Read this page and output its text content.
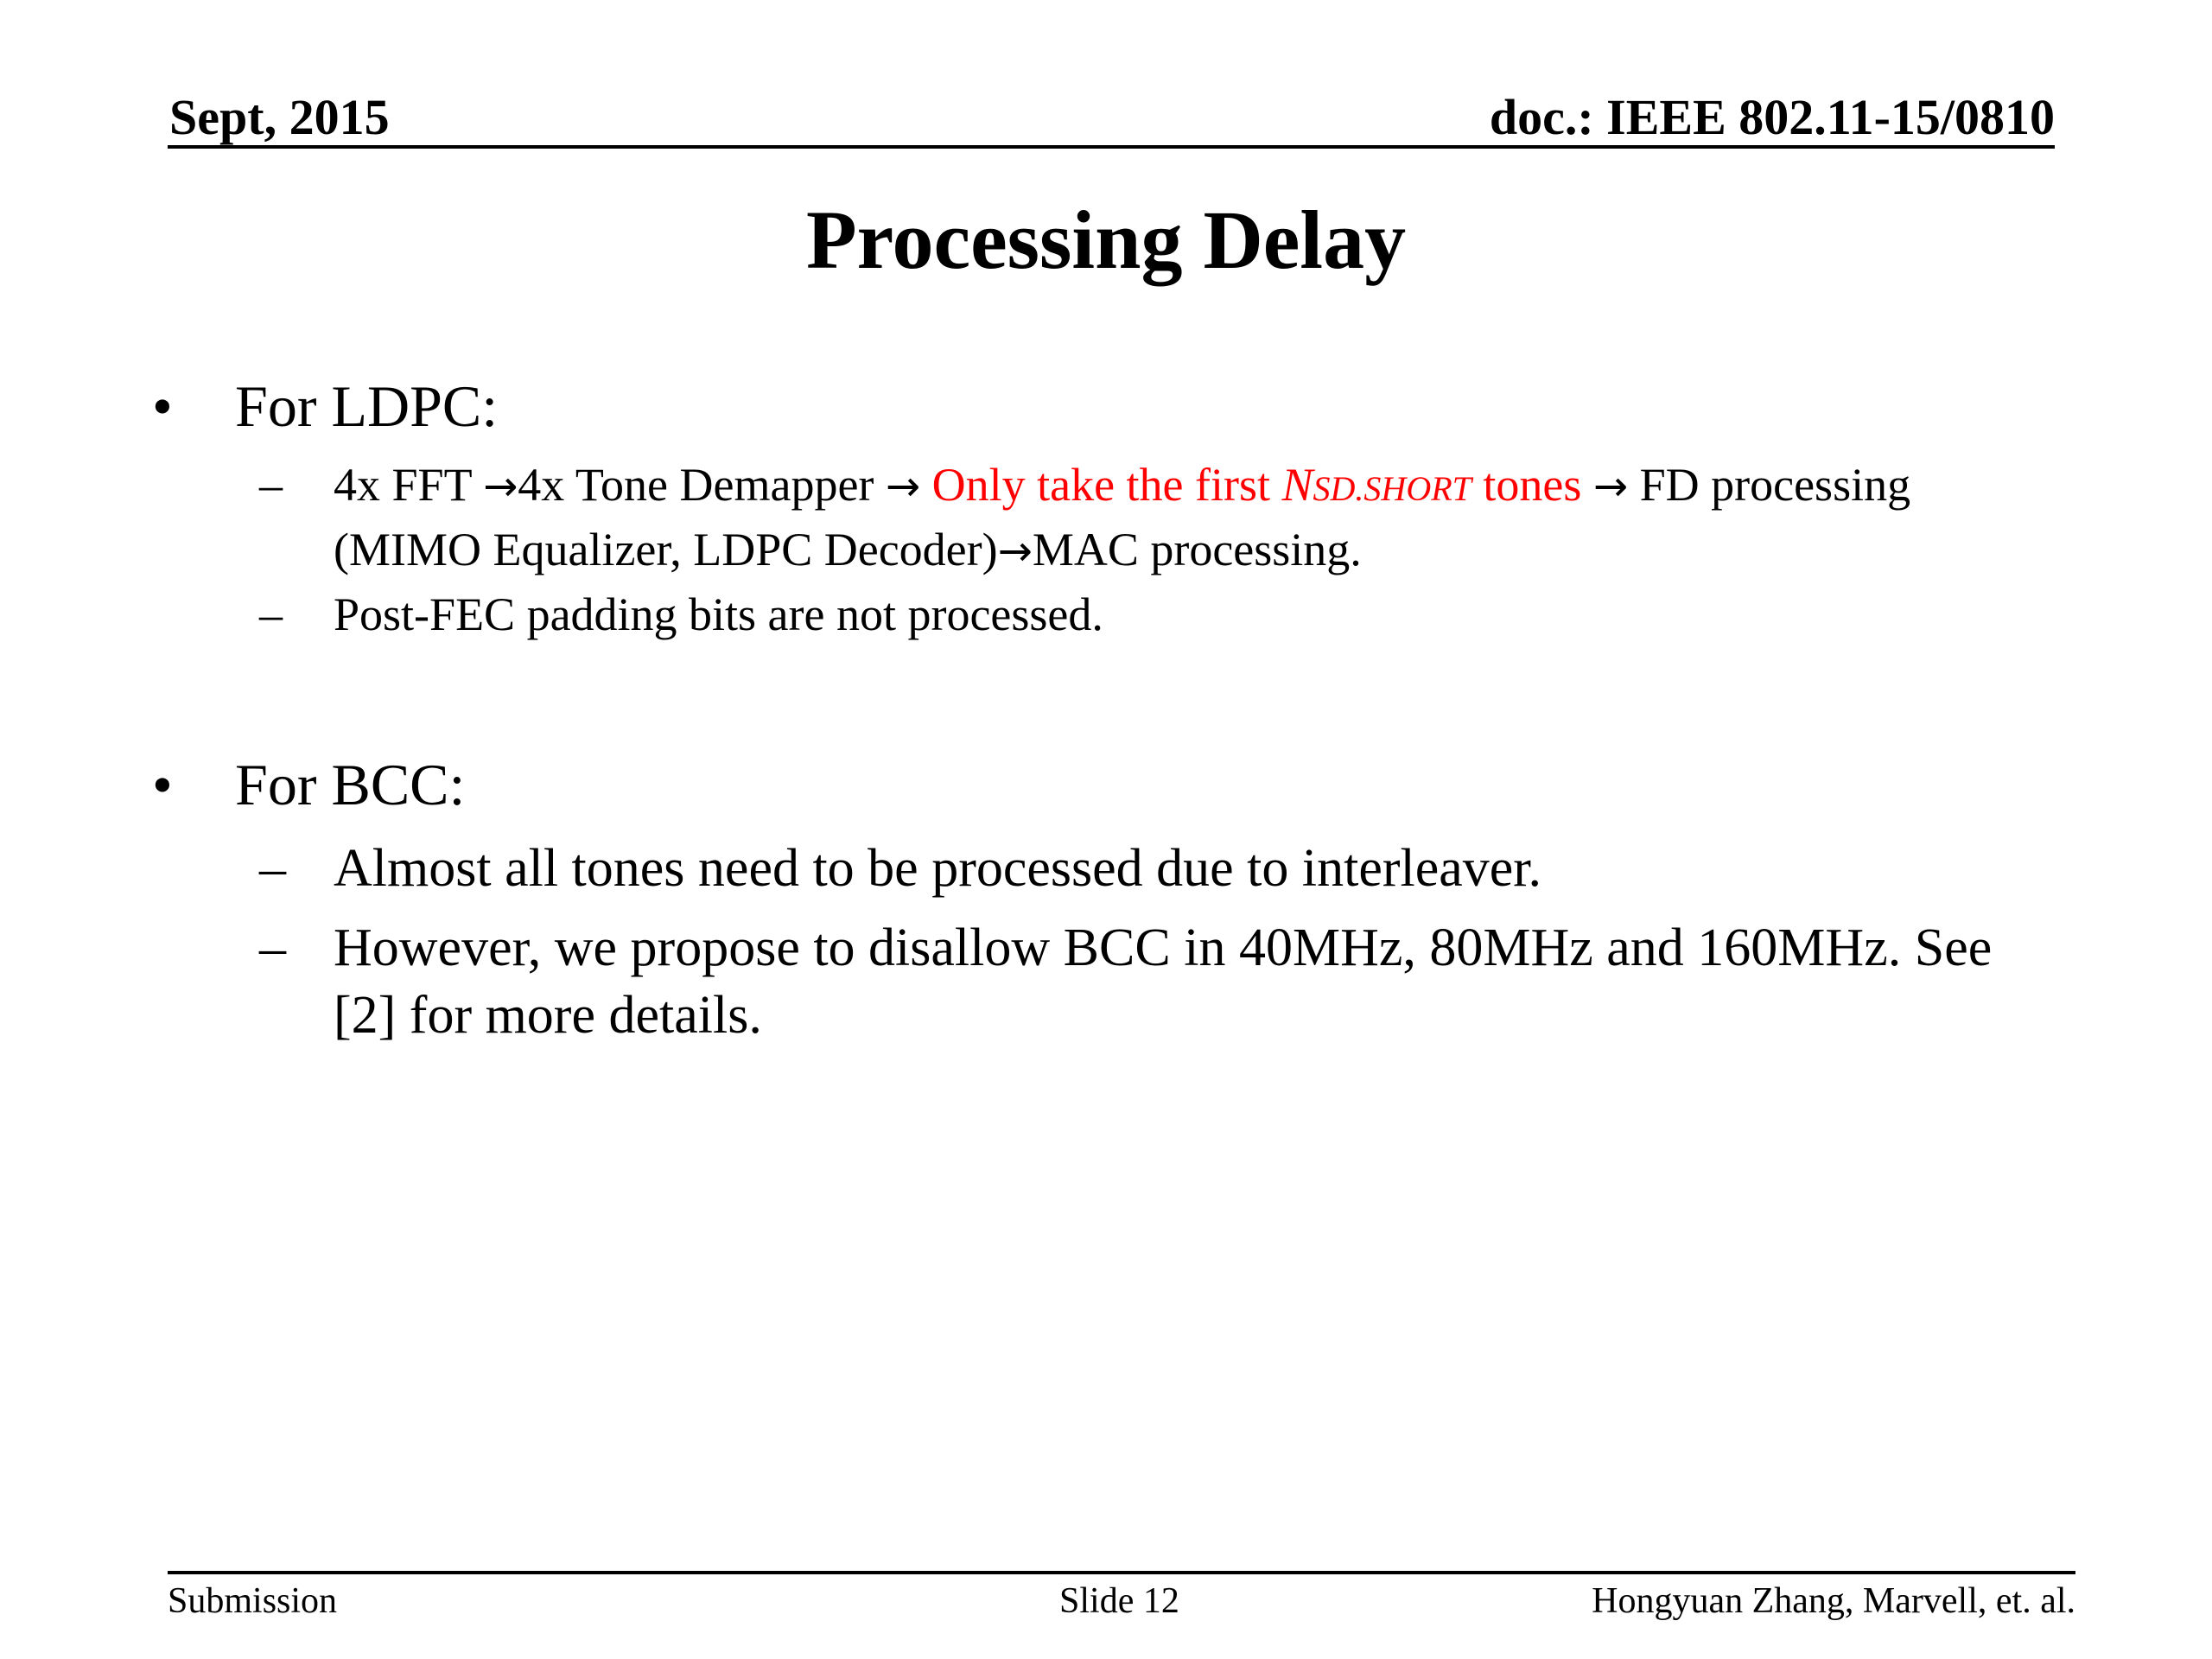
Sept, 2015	doc.: IEEE 802.11-15/0810
Processing Delay
• For LDPC:
– 4x FFT →4x Tone Demapper → Only take the first NSD.SHORT tones → FD processing (MIMO Equalizer, LDPC Decoder)→MAC processing.
– Post-FEC padding bits are not processed.
• For BCC:
– Almost all tones need to be processed due to interleaver.
– However, we propose to disallow BCC in 40MHz, 80MHz and 160MHz. See [2] for more details.
Submission	Slide 12	Hongyuan Zhang, Marvell, et. al.
